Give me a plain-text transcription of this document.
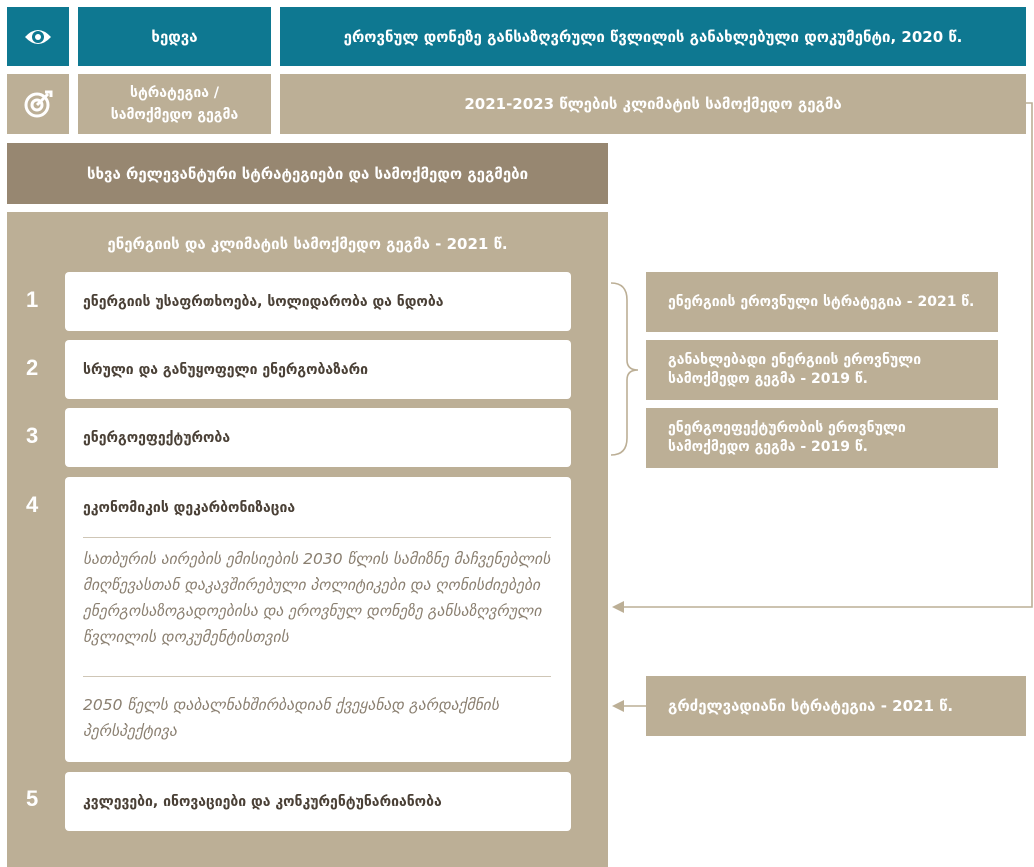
ხედვა	ეროვნულ დონეზე განსაზღვრული წვლილის განახლებული დოკუმენტი, 2020 წ.
სტრატეგია / სამოქმედო გეგმა
2021-2023 წლების კლიმატის სამოქმედო გეგმა
სხვა რელევანტური სტრატეგიები და სამოქმედო გეგმები
ენერგიის და კლიმატის სამოქმედო გეგმა - 2021 წ.
1	ენერგიის უსაფრთხოება, სოლიდარობა და ნდობა
2	სრული და განუყოფელი ენერგობაზარი
3	ენერგოეფექტურობა
4	ეკონომიკის დეკარბონიზაცია
სათბურის აირების ემისიების 2030 წლის სამიზნე მაჩვენებლის მიღწევასთან დაკავშირებული პოლიტიკები და ღონისძიებები ენერგოსაზოგადოებისა და ეროვნულ დონეზე განსაზღვრული წვლილის დოკუმენტისთვის
2050 წელს დაბალნახშირბადიან ქვეყანად გარდაქმნის პერსპექტივა
5	კვლევები, ინოვაციები და კონკურენტუნარიანობა
ენერგიის ეროვნული სტრატეგია - 2021 წ.
განახლებადი ენერგიის ეროვნული სამოქმედო გეგმა - 2019 წ.
ენერგოეფექტურობის ეროვნული სამოქმედო გეგმა - 2019 წ.
გრძელვადიანი სტრატეგია - 2021 წ.
